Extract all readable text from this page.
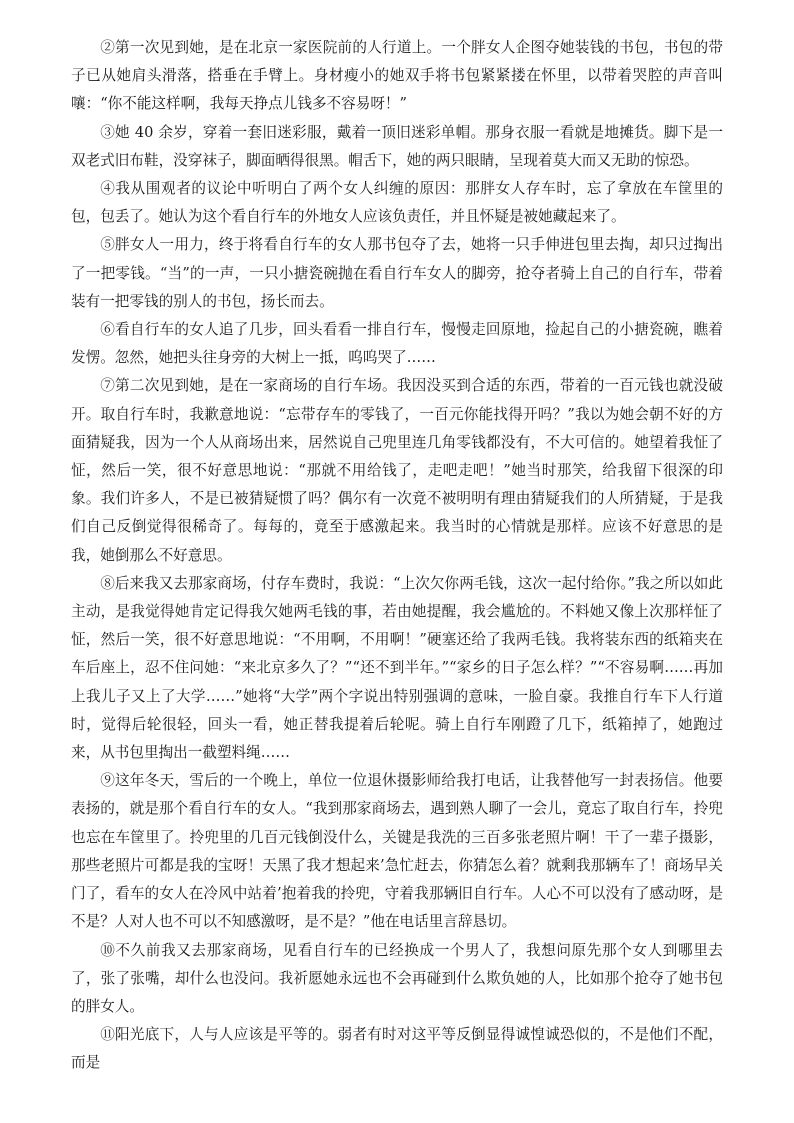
②第一次见到她，是在北京一家医院前的人行道上。一个胖女人企图夺她装钱的书包，书包的带子已从她肩头滑落，搭垂在手臂上。身材瘦小的她双手将书包紧紧搂在怀里，以带着哭腔的声音叫嚷：“你不能这样啊，我每天挣点儿钱多不容易呀！”

③她 40 余岁，穿着一套旧迷彩服，戴着一顶旧迷彩单帽。那身衣服一看就是地摊货。脚下是一双老式旧布鞋，没穿袜子，脚面晒得很黑。帽舌下，她的两只眼睛，呈现着莫大而又无助的惊恐。

④我从围观者的议论中听明白了两个女人纠缠的原因：那胖女人存车时，忘了拿放在车筐里的包，包丢了。她认为这个看自行车的外地女人应该负责任，并且怀疑是被她藏起来了。

⑤胖女人一用力，终于将看自行车的女人那书包夺了去，她将一只手伸进包里去掏，却只过掏出了一把零钱。“当”的一声，一只小搪瓷碗抛在看自行车女人的脚旁，抢夺者骑上自己的自行车，带着装有一把零钱的别人的书包，扬长而去。

⑥看自行车的女人追了几步，回头看看一排自行车，慢慢走回原地，捡起自己的小搪瓷碗，瞧着发愣。忽然，她把头往身旁的大树上一抵，呜呜哭了……

⑦第二次见到她，是在一家商场的自行车场。我因没买到合适的东西，带着的一百元钱也就没破开。取自行车时，我歉意地说：“忘带存车的零钱了，一百元你能找得开吗？”我以为她会朝不好的方面猜疑我，因为一个人从商场出来，居然说自己兜里连几角零钱都没有，不大可信的。她望着我怔了怔，然后一笑，很不好意思地说：“那就不用给钱了，走吧走吧！”她当时那笑，给我留下很深的印象。我们许多人，不是已被猜疑惯了吗？偶尔有一次竟不被明明有理由猜疑我们的人所猜疑，于是我们自己反倒觉得很稀奇了。每每的，竟至于感激起来。我当时的心情就是那样。应该不好意思的是我，她倒那么不好意思。

⑧后来我又去那家商场，付存车费时，我说：“上次欠你两毛钱，这次一起付给你。”我之所以如此主动，是我觉得她肯定记得我欠她两毛钱的事，若由她提醒，我会尴尬的。不料她又像上次那样怔了怔，然后一笑，很不好意思地说：“不用啊，不用啊！”硬塞还给了我两毛钱。我将装东西的纸箱夹在车后座上，忍不住问她：“来北京多久了？”“还不到半年。”“家乡的日子怎么样？”“不容易啊……再加上我儿子又上了大学……”她将“大学”两个字说出特别强调的意味，一脸自豪。我推自行车下人行道时，觉得后轮很轻，回头一看，她正替我提着后轮呢。骑上自行车刚蹬了几下，纸箱掉了，她跑过来，从书包里掏出一截塑料绳……

⑨这年冬天，雪后的一个晚上，单位一位退休摄影师给我打电话，让我替他写一封表扬信。他要表扬的，就是那个看自行车的女人。“我到那家商场去，遇到熟人聊了一会儿，竟忘了取自行车，拎兜也忘在车筐里了。拎兜里的几百元钱倒没什么，关键是我洗的三百多张老照片啊！干了一辈子摄影，那些老照片可都是我的宝呀！天黑了我才想起来’急忙赶去，你猜怎么着？就剩我那辆车了！商场早关门了，看车的女人在冷风中站着’抱着我的拎兜，守着我那辆旧自行车。人心不可以没有了感动呀，是不是？人对人也不可以不知感激呀，是不是？”他在电话里言辞恳切。

⑩不久前我又去那家商场，见看自行车的已经换成一个男人了，我想问原先那个女人到哪里去了，张了张嘴，却什么也没问。我祈愿她永远也不会再碰到什么欺负她的人，比如那个抢夺了她书包的胖女人。

⑪阳光底下，人与人应该是平等的。弱者有时对这平等反倒显得诚惶诚恐似的，不是他们不配，而是
